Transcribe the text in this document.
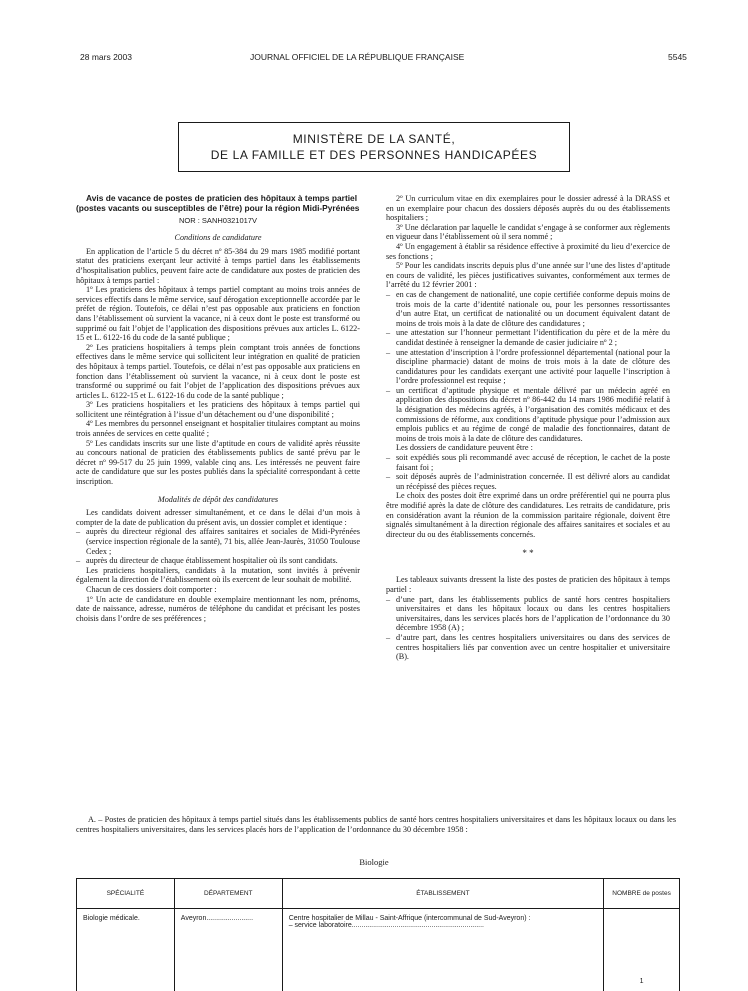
28 mars 2003	JOURNAL OFFICIEL DE LA RÉPUBLIQUE FRANÇAISE	5545
MINISTÈRE DE LA SANTÉ,
DE LA FAMILLE ET DES PERSONNES HANDICAPÉES

Avis de vacance de postes de praticien des hôpitaux à temps partiel (postes vacants ou susceptibles de l’être) pour la région Midi-Pyrénées

NOR : SANH0321017V
Conditions de candidature

En application de l’article 5 du décret nº 85-384 du 29 mars 1985 modifié portant statut des praticiens exerçant leur activité à temps partiel dans les établissements d’hospitalisation publics, peuvent faire acte de candidature aux postes de praticien des hôpitaux à temps partiel :

1º Les praticiens des hôpitaux à temps partiel comptant au moins trois années de services effectifs dans le même service, sauf dérogation exceptionnelle accordée par le préfet de région. Toutefois, ce délai n’est pas opposable aux praticiens en fonction dans l’établissement où survient la vacance, ni à ceux dont le poste est transformé ou supprimé ou fait l’objet de l’application des dispositions prévues aux articles L. 6122-15 et L. 6122-16 du code de la santé publique ;

2º Les praticiens hospitaliers à temps plein comptant trois années de fonctions effectives dans le même service qui sollicitent leur intégration en qualité de praticien des hôpitaux à temps partiel. Toutefois, ce délai n’est pas opposable aux praticiens en fonction dans l’établissement où survient la vacance, ni à ceux dont le poste est transformé ou supprimé ou fait l’objet de l’application des dispositions prévues aux articles L. 6122-15 et L. 6122-16 du code de la santé publique ;

3º Les praticiens hospitaliers et les praticiens des hôpitaux à temps partiel qui sollicitent une réintégration à l’issue d’un détachement ou d’une disponibilité ;

4º Les membres du personnel enseignant et hospitalier titulaires comptant au moins trois années de services en cette qualité ;

5º Les candidats inscrits sur une liste d’aptitude en cours de validité après réussite au concours national de praticien des établissements publics de santé prévu par le décret nº 99-517 du 25 juin 1999, valable cinq ans. Les intéressés ne peuvent faire acte de candidature que sur les postes publiés dans la spécialité correspondant à cette inscription.

Modalités de dépôt des candidatures

Les candidats doivent adresser simultanément, et ce dans le délai d’un mois à compter de la date de publication du présent avis, un dossier complet et identique :

– auprès du directeur régional des affaires sanitaires et sociales de Midi-Pyrénées (service inspection régionale de la santé), 71 bis, allée Jean-Jaurès, 31050 Toulouse Cedex ;
– auprès du directeur de chaque établissement hospitalier où ils sont candidats.

Les praticiens hospitaliers, candidats à la mutation, sont invités à prévenir également la direction de l’établissement où ils exercent de leur souhait de mobilité.

Chacun de ces dossiers doit comporter :

1º Un acte de candidature en double exemplaire mentionnant les nom, prénoms, date de naissance, adresse, numéros de téléphone du candidat et précisant les postes choisis dans l’ordre de ses préférences ;

2º Un curriculum vitae en dix exemplaires pour le dossier adressé à la DRASS et en un exemplaire pour chacun des dossiers déposés auprès du ou des établissements hospitaliers ;

3º Une déclaration par laquelle le candidat s’engage à se conformer aux règlements en vigueur dans l’établissement où il sera nommé ;

4º Un engagement à établir sa résidence effective à proximité du lieu d’exercice de ses fonctions ;

5º Pour les candidats inscrits depuis plus d’une année sur l’une des listes d’aptitude en cours de validité, les pièces justificatives suivantes, conformément aux termes de l’arrêté du 12 février 2001 :

– en cas de changement de nationalité, une copie certifiée conforme depuis moins de trois mois de la carte d’identité nationale ou, pour les personnes ressortissantes d’un autre Etat, un certificat de nationalité ou un document équivalent datant de moins de trois mois à la date de clôture des candidatures ;
– une attestation sur l’honneur permettant l’identification du père et de la mère du candidat destinée à renseigner la demande de casier judiciaire nº 2 ;
– une attestation d’inscription à l’ordre professionnel départemental (national pour la discipline pharmacie) datant de moins de trois mois à la date de clôture des candidatures pour les candidats exerçant une activité pour laquelle l’inscription à l’ordre professionnel est requise ;
– un certificat d’aptitude physique et mentale délivré par un médecin agréé en application des dispositions du décret nº 86-442 du 14 mars 1986 modifié relatif à la désignation des médecins agréés, à l’organisation des comités médicaux et des commissions de réforme, aux conditions d’aptitude physique pour l’admission aux emplois publics et au régime de congé de maladie des fonctionnaires, datant de moins de trois mois à la date de clôture des candidatures.

Les dossiers de candidature peuvent être :

– soit expédiés sous pli recommandé avec accusé de réception, le cachet de la poste faisant foi ;
– soit déposés auprès de l’administration concernée. Il est délivré alors au candidat un récépissé des pièces reçues.

Le choix des postes doit être exprimé dans un ordre préférentiel qui ne pourra plus être modifié après la date de clôture des candidatures. Les retraits de candidature, pris en considération avant la réunion de la commission paritaire régionale, doivent être signalés simultanément à la direction régionale des affaires sanitaires et sociales et au directeur du ou des établissements concernés.

* *

Les tableaux suivants dressent la liste des postes de praticien des hôpitaux à temps partiel :

– d’une part, dans les établissements publics de santé hors centres hospitaliers universitaires et dans les hôpitaux locaux ou dans les centres hospitaliers universitaires, dans les services placés hors de l’application de l’ordonnance du 30 décembre 1958 (A) ;
– d’autre part, dans les centres hospitaliers universitaires ou dans des services de centres hospitaliers liés par convention avec un centre hospitalier et universitaire (B).
A. – Postes de praticien des hôpitaux à temps partiel situés dans les établissements publics de santé hors centres hospitaliers universitaires et dans les hôpitaux locaux ou dans les centres hospitaliers universitaires, dans les services placés hors de l’application de l’ordonnance du 30 décembre 1958 :
Biologie
SPÉCIALITÉ	DÉPARTEMENT	ÉTABLISSEMENT	NOMBRE de postes
Biologie médicale.	Aveyron........................	Centre hospitalier de Millau - Saint-Affrique (intercommunal de Sud-Aveyron) :
– service laboratoire....................................................................	1
